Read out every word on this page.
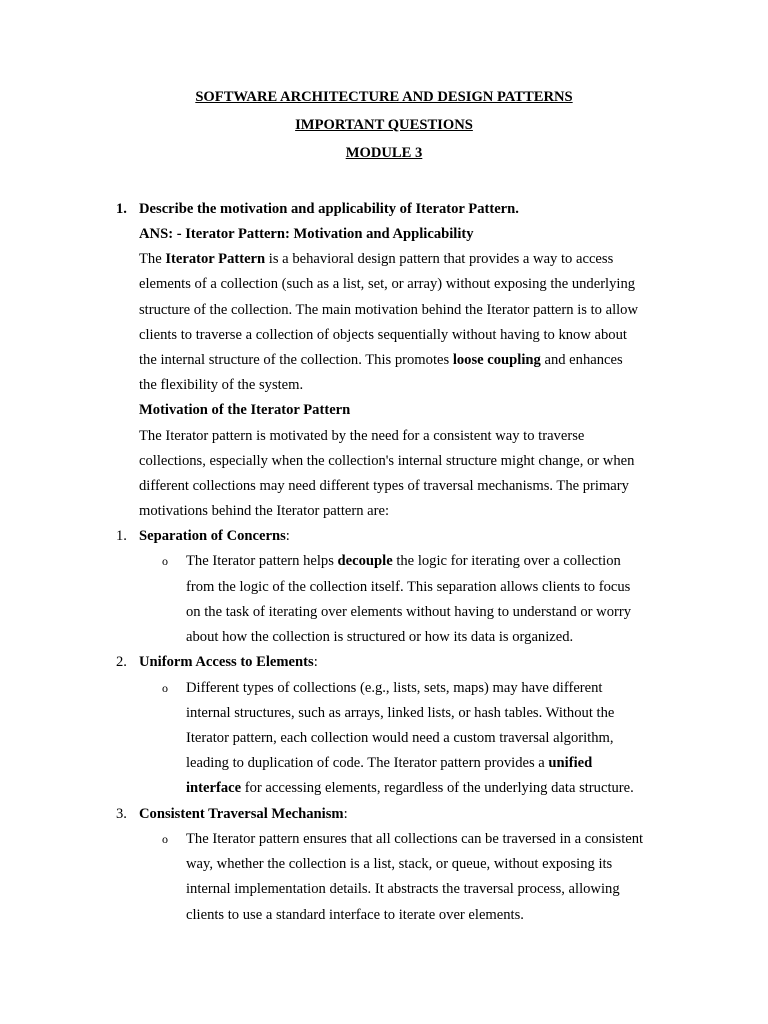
SOFTWARE ARCHITECTURE AND DESIGN PATTERNS
IMPORTANT QUESTIONS
MODULE 3
1. Describe the motivation and applicability of Iterator Pattern.
ANS: - Iterator Pattern: Motivation and Applicability
The Iterator Pattern is a behavioral design pattern that provides a way to access
elements of a collection (such as a list, set, or array) without exposing the underlying
structure of the collection. The main motivation behind the Iterator pattern is to allow
clients to traverse a collection of objects sequentially without having to know about
the internal structure of the collection. This promotes loose coupling and enhances
the flexibility of the system.
Motivation of the Iterator Pattern
The Iterator pattern is motivated by the need for a consistent way to traverse
collections, especially when the collection's internal structure might change, or when
different collections may need different types of traversal mechanisms. The primary
motivations behind the Iterator pattern are:
1. Separation of Concerns:
o The Iterator pattern helps decouple the logic for iterating over a collection
from the logic of the collection itself. This separation allows clients to focus
on the task of iterating over elements without having to understand or worry
about how the collection is structured or how its data is organized.
2. Uniform Access to Elements:
o Different types of collections (e.g., lists, sets, maps) may have different
internal structures, such as arrays, linked lists, or hash tables. Without the
Iterator pattern, each collection would need a custom traversal algorithm,
leading to duplication of code. The Iterator pattern provides a unified
interface for accessing elements, regardless of the underlying data structure.
3. Consistent Traversal Mechanism:
o The Iterator pattern ensures that all collections can be traversed in a consistent
way, whether the collection is a list, stack, or queue, without exposing its
internal implementation details. It abstracts the traversal process, allowing
clients to use a standard interface to iterate over elements.
